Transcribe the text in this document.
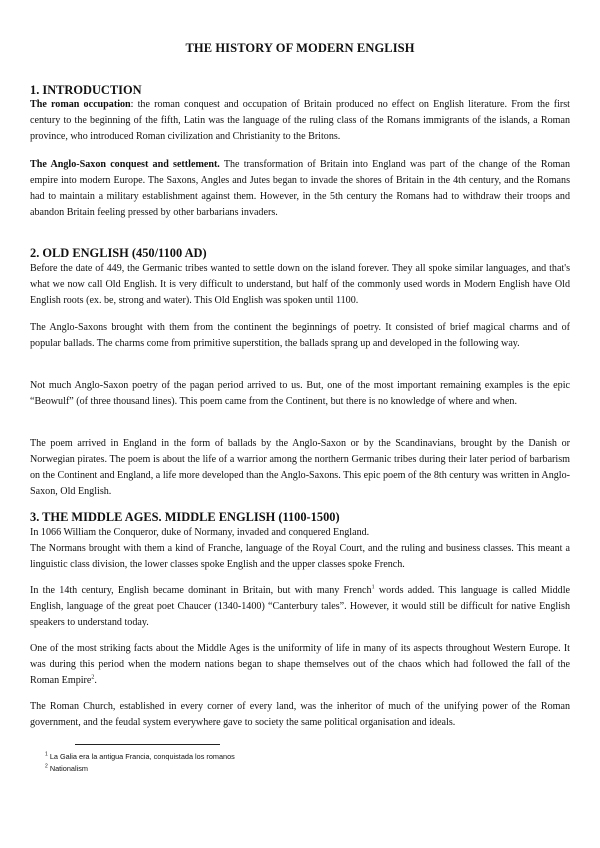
THE HISTORY OF MODERN ENGLISH
1. INTRODUCTION
The roman occupation: the roman conquest and occupation of Britain produced no effect on English literature. From the first century to the beginning of the fifth, Latin was the language of the ruling class of the Romans immigrants of the islands, a Roman province, who introduced Roman civilization and Christianity to the Britons.
The Anglo-Saxon conquest and settlement. The transformation of Britain into England was part of the change of the Roman empire into modern Europe. The Saxons, Angles and Jutes began to invade the shores of Britain in the 4th century, and the Romans had to maintain a military establishment against them. However, in the 5th century the Romans had to withdraw their troops and abandon Britain feeling pressed by other barbarians invaders.
2. OLD ENGLISH (450/1100 AD)
Before the date of 449, the Germanic tribes wanted to settle down on the island forever. They all spoke similar languages, and that's what we now call Old English. It is very difficult to understand, but half of the commonly used words in Modern English have Old English roots (ex. be, strong and water). This Old English was spoken until 1100.
The Anglo-Saxons brought with them from the continent the beginnings of poetry. It consisted of brief magical charms and of popular ballads. The charms come from primitive superstition, the ballads sprang up and developed in the following way.
Not much Anglo-Saxon poetry of the pagan period arrived to us. But, one of the most important remaining examples is the epic “Beowulf” (of three thousand lines). This poem came from the Continent, but there is no knowledge of where and when.
The poem arrived in England in the form of ballads by the Anglo-Saxon or by the Scandinavians, brought by the Danish or Norwegian pirates. The poem is about the life of a warrior among the northern Germanic tribes during their later period of barbarism on the Continent and England, a life more developed than the Anglo-Saxons. This epic poem of the 8th century was written in Anglo-Saxon, Old English.
3. THE MIDDLE AGES. MIDDLE ENGLISH (1100-1500)
In 1066 William the Conqueror, duke of Normany, invaded and conquered England.
The Normans brought with them a kind of Franche, language of the Royal Court, and the ruling and business classes. This meant a linguistic class division, the lower classes spoke English and the upper classes spoke French.
In the 14th century, English became dominant in Britain, but with many French$^1$ words added. This language is called Middle English, language of the great poet Chaucer (1340-1400) “Canterbury tales”. However, it would still be difficult for native English speakers to understand today.
One of the most striking facts about the Middle Ages is the uniformity of life in many of its aspects throughout Western Europe. It was during this period when the modern nations began to shape themselves out of the chaos which had followed the fall of the Roman Empire$^2$.
The Roman Church, established in every corner of every land, was the inheritor of much of the unifying power of the Roman government, and the feudal system everywhere gave to society the same political organisation and ideals.
$^1$ La Galia era la antigua Francia, conquistada los romanos
$^2$ Nationalism
